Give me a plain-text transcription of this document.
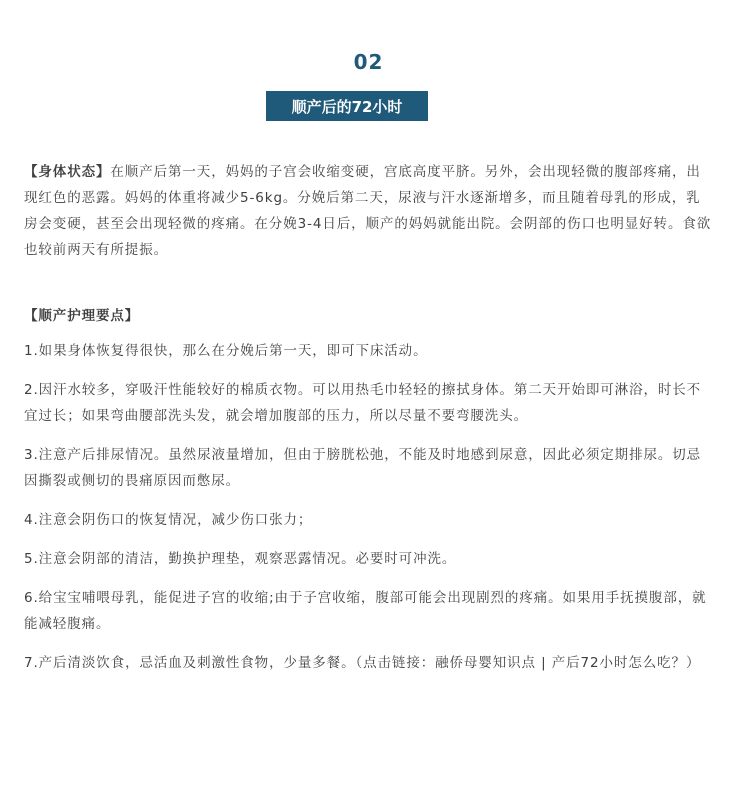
02
顺产后的72小时

【身体状态】在顺产后第一天，妈妈的子宫会收缩变硬，宫底高度平脐。另外，会出现轻微的腹部疼痛，出现红色的恶露。妈妈的体重将减少5-6kg。分娩后第二天，尿液与汗水逐渐增多，而且随着母乳的形成，乳房会变硬，甚至会出现轻微的疼痛。在分娩3-4日后，顺产的妈妈就能出院。会阴部的伤口也明显好转。食欲也较前两天有所提振。

【顺产护理要点】

1.如果身体恢复得很快，那么在分娩后第一天，即可下床活动。

2.因汗水较多，穿吸汗性能较好的棉质衣物。可以用热毛巾轻轻的擦拭身体。第二天开始即可淋浴，时长不宜过长；如果弯曲腰部洗头发，就会增加腹部的压力，所以尽量不要弯腰洗头。

3.注意产后排尿情况。虽然尿液量增加，但由于膀胱松弛，不能及时地感到尿意，因此必须定期排尿。切忌因撕裂或侧切的畏痛原因而憋尿。

4.注意会阴伤口的恢复情况，减少伤口张力；

5.注意会阴部的清洁，勤换护理垫，观察恶露情况。必要时可冲洗。

6.给宝宝哺喂母乳，能促进子宫的收缩;由于子宫收缩，腹部可能会出现剧烈的疼痛。如果用手抚摸腹部，就能减轻腹痛。

7.产后清淡饮食，忌活血及刺激性食物，少量多餐。（点击链接：融侨母婴知识点 | 产后72小时怎么吃？）
